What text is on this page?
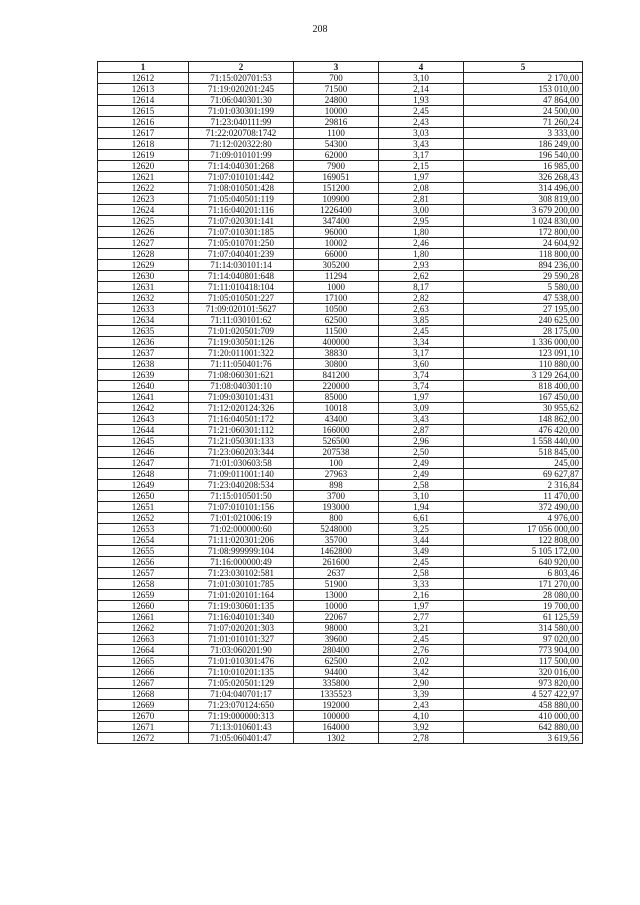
208
1	2	3	4	5
12612	71:15:020701:53	700	3,10	2 170,00
12613	71:19:020201:245	71500	2,14	153 010,00
12614	71:06:040301:30	24800	1,93	47 864,00
12615	71:01:030301:199	10000	2,45	24 500,00
12616	71:23:040111:99	29816	2,43	71 260,24
12617	71:22:020708:1742	1100	3,03	3 333,00
12618	71:12:020322:80	54300	3,43	186 249,00
12619	71:09:010101:99	62000	3,17	196 540,00
12620	71:14:040301:268	7900	2,15	16 985,00
12621	71:07:010101:442	169051	1,97	326 268,43
12622	71:08:010501:428	151200	2,08	314 496,00
12623	71:05:040501:119	109900	2,81	308 819,00
12624	71:16:040201:116	1226400	3,00	3 679 200,00
12625	71:07:020301:141	347400	2,95	1 024 830,00
12626	71:07:010301:185	96000	1,80	172 800,00
12627	71:05:010701:250	10002	2,46	24 604,92
12628	71:07:040401:239	66000	1,80	118 800,00
12629	71:14:030101:14	305200	2,93	894 236,00
12630	71:14:040801:648	11294	2,62	29 590,28
12631	71:11:010418:104	1000	8,17	5 580,00
12632	71:05:010501:227	17100	2,82	47 538,00
12633	71:09:020101:5627	10500	2,63	27 195,00
12634	71:11:030101:62	62500	3,85	240 625,00
12635	71:01:020501:709	11500	2,45	28 175,00
12636	71:19:030501:126	400000	3,34	1 336 000,00
12637	71:20:011001:322	38830	3,17	123 091,10
12638	71:11:050401:76	30800	3,60	110 880,00
12639	71:08:060301:621	841200	3,74	3 129 264,00
12640	71:08:040301:10	220000	3,74	818 400,00
12641	71:09:030101:431	85000	1,97	167 450,00
12642	71:12:020124:326	10018	3,09	30 955,62
12643	71:16:040501:172	43400	3,43	148 862,00
12644	71:21:060301:112	166000	2,87	476 420,00
12645	71:21:050301:133	526500	2,96	1 558 440,00
12646	71:23:060203:344	207538	2,50	518 845,00
12647	71:01:030603:58	100	2,49	245,00
12648	71:09:011001:140	27963	2,49	69 627,87
12649	71:23:040208:534	898	2,58	2 316,84
12650	71:15:010501:50	3700	3,10	11 470,00
12651	71:07:010101:156	193000	1,94	372 490,00
12652	71:01:021006:19	800	6,61	4 976,00
12653	71:02:000000:60	5248000	3,25	17 056 000,00
12654	71:11:020301:206	35700	3,44	122 808,00
12655	71:08:999999:104	1462800	3,49	5 105 172,00
12656	71:16:000000:49	261600	2,45	640 920,00
12657	71:23:030102:581	2637	2,58	6 803,46
12658	71:01:030101:785	51900	3,33	171 270,00
12659	71:01:020101:164	13000	2,16	28 080,00
12660	71:19:030601:135	10000	1,97	19 700,00
12661	71:16:040101:340	22067	2,77	61 125,59
12662	71:07:020201:303	98000	3,21	314 580,00
12663	71:01:010101:327	39600	2,45	97 020,00
12664	71:03:060201:90	280400	2,76	773 904,00
12665	71:01:010301:476	62500	2,02	117 500,00
12666	71:10:010201:135	94400	3,42	320 016,00
12667	71:05:020501:129	335800	2,90	973 820,00
12668	71:04:040701:17	1335523	3,39	4 527 422,97
12669	71:23:070124:650	192000	2,43	458 880,00
12670	71:19:000000:313	100000	4,10	410 000,00
12671	71:13:010601:43	164000	3,92	642 880,00
12672	71:05:060401:47	1302	2,78	3 619,56
